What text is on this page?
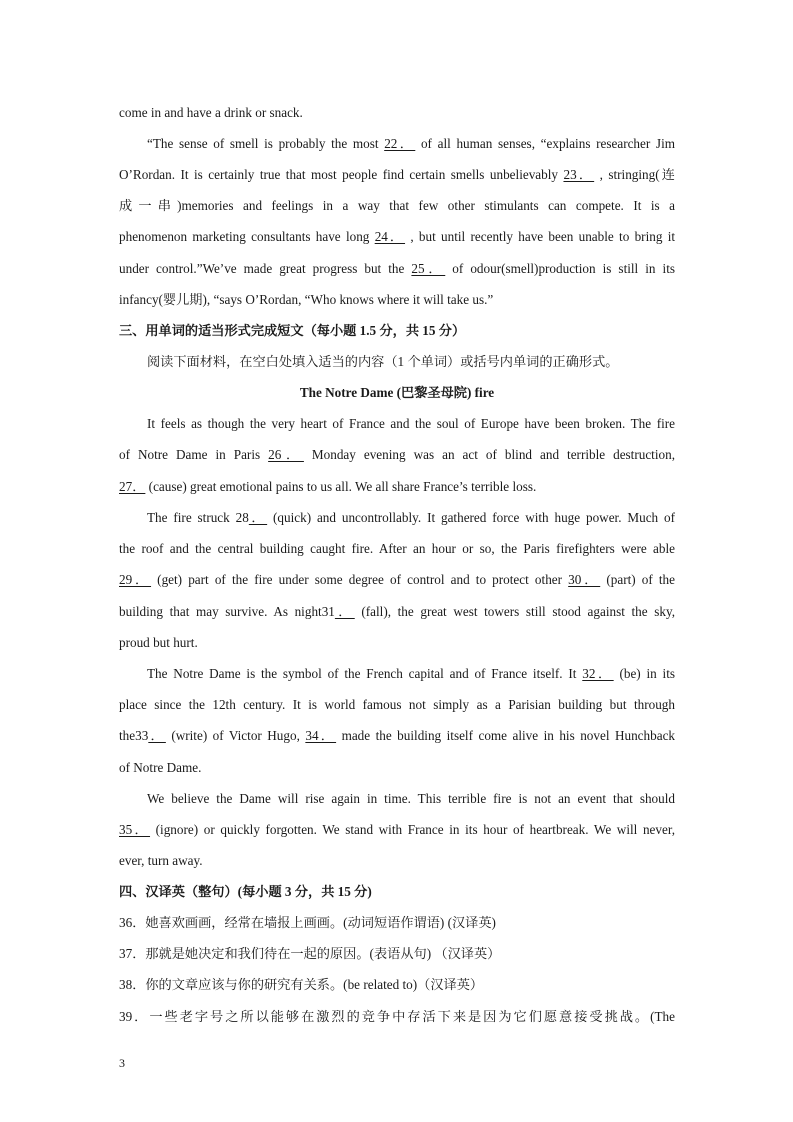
come in and have a drink or snack.
“The sense of smell is probably the most 22． of all human senses, “explains researcher Jim
O’Rordan. It is certainly true that most people find certain smells unbelievably 23． , stringing(连
成一串)memories and feelings in a way that few other stimulants can compete. It is a
phenomenon marketing consultants have long 24． , but until recently have been unable to bring it
under control.”We’ve made great progress but the 25． of odour(smell)production is still in its
infancy(婴儿期), “says O’Rordan, “Who knows where it will take us.”
三、用单词的适当形式完成短文（每小题 1.5 分，共 15 分）
阅读下面材料，在空白处填入适当的内容（1 个单词）或括号内单词的正确形式。
The Notre Dame (巴黎圣母院) fire
It feels as though the very heart of France and the soul of Europe have been broken. The fire
of Notre Dame in Paris 26． Monday evening was an act of blind and terrible destruction,
27． (cause) great emotional pains to us all. We all share France’s terrible loss.
The fire struck 28． (quick) and uncontrollably. It gathered force with huge power. Much of
the roof and the central building caught fire. After an hour or so, the Paris firefighters were able
29． (get) part of the fire under some degree of control and to protect other 30． (part) of the
building that may survive. As night31． (fall), the great west towers still stood against the sky,
proud but hurt.
The Notre Dame is the symbol of the French capital and of France itself. It 32． (be) in its
place since the 12th century. It is world famous not simply as a Parisian building but through
the33． (write) of Victor Hugo, 34． made the building itself come alive in his novel Hunchback
of Notre Dame.
We believe the Dame will rise again in time. This terrible fire is not an event that should
35． (ignore) or quickly forgotten. We stand with France in its hour of heartbreak. We will never,
ever, turn away.
四、汉译英（整句）(每小题 3 分，共 15 分)
36．她喜欢画画，经常在墙报上画画。(动词短语作谓语) (汉译英)
37．那就是她决定和我们待在一起的原因。(表语从句) （汉译英）
38．你的文章应该与你的研究有关系。(be related to)（汉译英）
39．一些老字号之所以能够在激烈的竞争中存活下来是因为它们愿意接受挑战。(The
3
